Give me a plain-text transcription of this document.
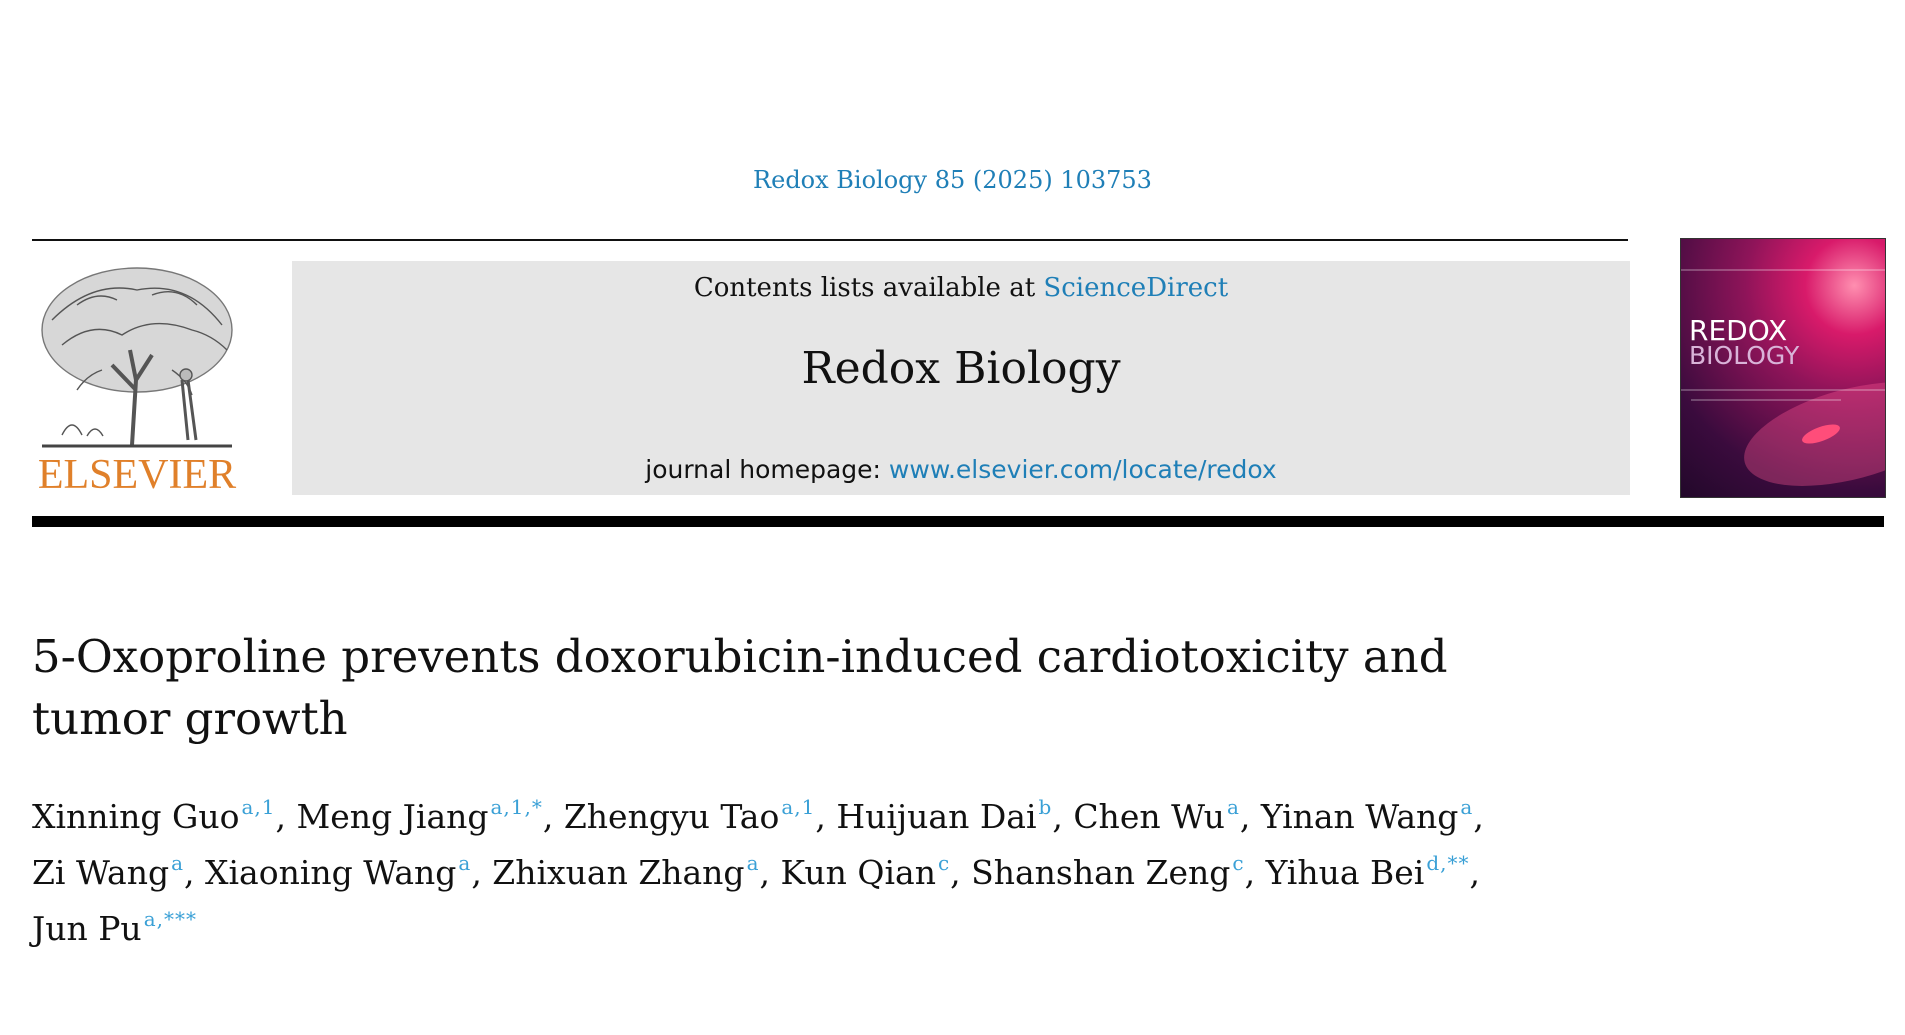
Redox Biology 85 (2025) 103753
ELSEVIER
Contents lists available at ScienceDirect
Redox Biology
journal homepage: www.elsevier.com/locate/redox
REDOX
BIOLOGY
5-Oxoproline prevents doxorubicin-induced cardiotoxicity and tumor growth
Xinning Guo $^{a,1}$, Meng Jiang $^{a,1,*}$, Zhengyu Tao $^{a,1}$, Huijuan Dai $^b$, Chen Wu $^a$, Yinan Wang $^a$,
Zi Wang $^a$, Xiaoning Wang $^a$, Zhixuan Zhang $^a$, Kun Qian $^c$, Shanshan Zeng $^c$, Yihua Bei $^{d,**}$,
Jun Pu $^{a,***}$
